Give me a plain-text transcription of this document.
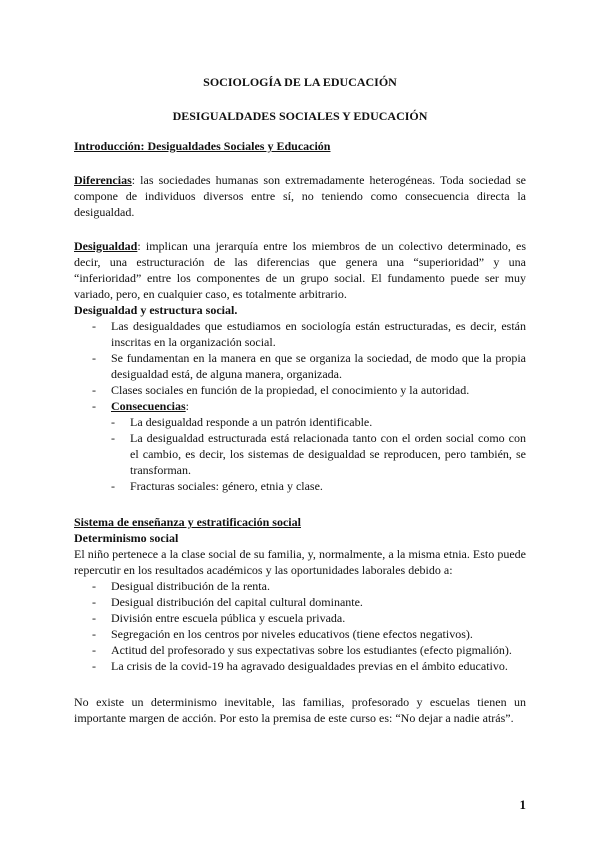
SOCIOLOGÍA DE LA EDUCACIÓN
DESIGUALDADES SOCIALES Y EDUCACIÓN
Introducción: Desigualdades Sociales y Educación

Diferencias: las sociedades humanas son extremadamente heterogéneas. Toda sociedad se compone de individuos diversos entre sí, no teniendo como consecuencia directa la desigualdad.

Desigualdad: implican una jerarquía entre los miembros de un colectivo determinado, es decir, una estructuración de las diferencias que genera una “superioridad” y una “inferioridad” entre los componentes de un grupo social. El fundamento puede ser muy variado, pero, en cualquier caso, es totalmente arbitrario.

Desigualdad y estructura social.
- Las desigualdades que estudiamos en sociología están estructuradas, es decir, están inscritas en la organización social.
- Se fundamentan en la manera en que se organiza la sociedad, de modo que la propia desigualdad está, de alguna manera, organizada.
- Clases sociales en función de la propiedad, el conocimiento y la autoridad.
- Consecuencias:
- La desigualdad responde a un patrón identificable.
- La desigualdad estructurada está relacionada tanto con el orden social como con el cambio, es decir, los sistemas de desigualdad se reproducen, pero también, se transforman.
- Fracturas sociales: género, etnia y clase.
Sistema de enseñanza y estratificación social
Determinismo social

El niño pertenece a la clase social de su familia, y, normalmente, a la misma etnia. Esto puede repercutir en los resultados académicos y las oportunidades laborales debido a:

- Desigual distribución de la renta.
- Desigual distribución del capital cultural dominante.
- División entre escuela pública y escuela privada.
- Segregación en los centros por niveles educativos (tiene efectos negativos).
- Actitud del profesorado y sus expectativas sobre los estudiantes (efecto pigmalión).
- La crisis de la covid-19 ha agravado desigualdades previas en el ámbito educativo.

No existe un determinismo inevitable, las familias, profesorado y escuelas tienen un importante margen de acción. Por esto la premisa de este curso es: “No dejar a nadie atrás”.

1
